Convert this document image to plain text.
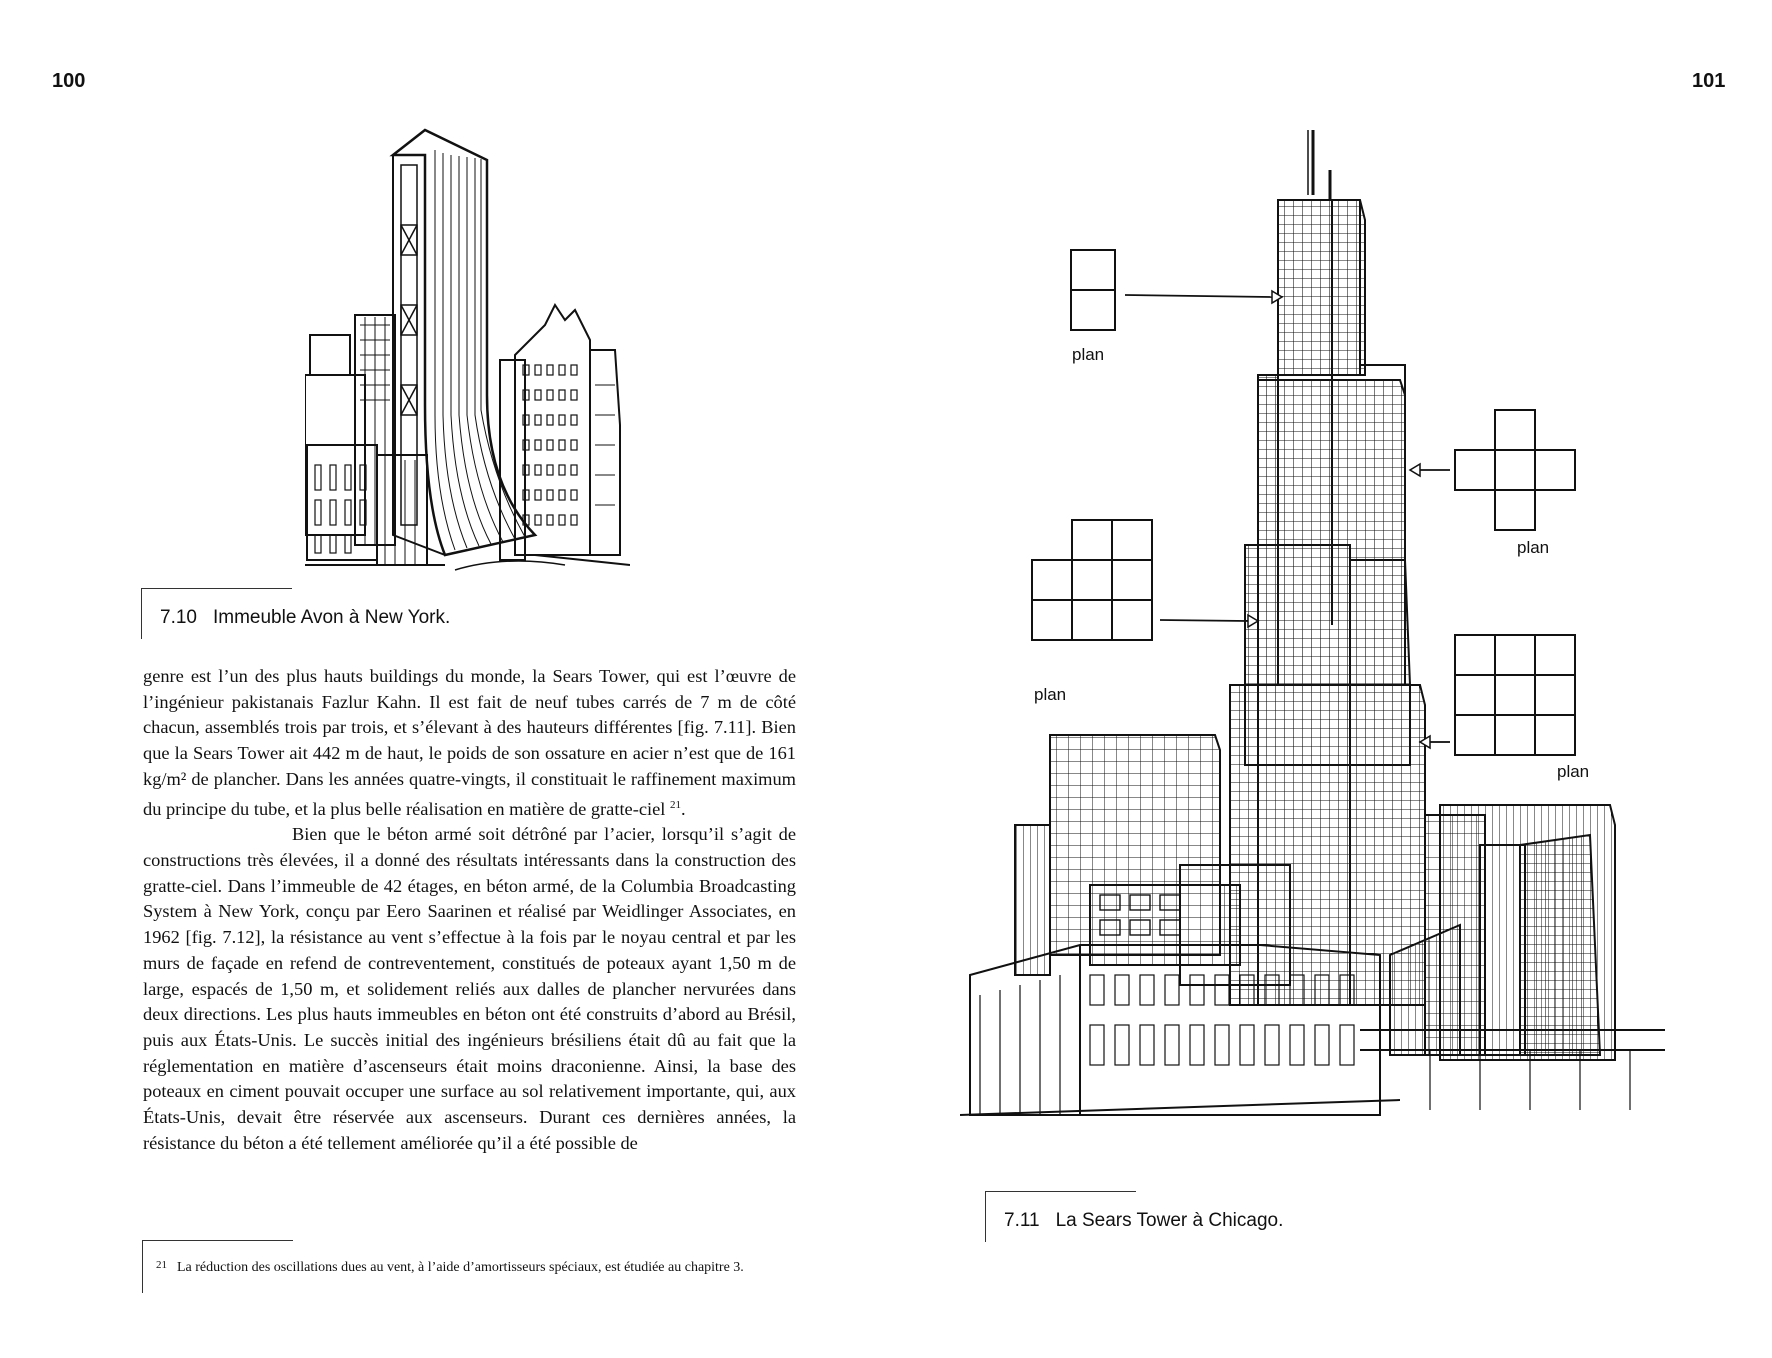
100	101
7.10 Immeuble Avon à New York.

genre est l’un des plus hauts buildings du monde, la Sears Tower, qui est l’œuvre de l’ingénieur pakistanais Fazlur Kahn. Il est fait de neuf tubes carrés de 7 m de côté chacun, assemblés trois par trois, et s’élevant à des hauteurs différentes [fig. 7.11]. Bien que la Sears Tower ait 442 m de haut, le poids de son ossature en acier n’est que de 161 kg/m² de plancher. Dans les années quatre-vingts, il constituait le raffinement maximum du principe du tube, et la plus belle réalisation en matière de gratte-ciel $^{21}$.

Bien que le béton armé soit détrôné par l’acier, lorsqu’il s’agit de constructions très élevées, il a donné des résultats intéressants dans la construction des gratte-ciel. Dans l’immeuble de 42 étages, en béton armé, de la Columbia Broadcasting System à New York, conçu par Eero Saarinen et réalisé par Weidlinger Associates, en 1962 [fig. 7.12], la résistance au vent s’effectue à la fois par le noyau central et par les murs de façade en refend de contreventement, constitués de poteaux ayant 1,50 m de large, espacés de 1,50 m, et solidement reliés aux dalles de plancher nervurées dans deux directions. Les plus hauts immeubles en béton ont été construits d’abord au Brésil, puis aux États-Unis. Le succès initial des ingénieurs brésiliens était dû au fait que la réglementation en matière d’ascenseurs était moins draconienne. Ainsi, la base des poteaux en ciment pouvait occuper une surface au sol relativement importante, qui, aux États-Unis, devait être réservée aux ascenseurs. Durant ces dernières années, la résistance du béton a été tellement améliorée qu’il a été possible de

$^{21}$ La réduction des oscillations dues au vent, à l’aide d’amortisseurs spéciaux, est étudiée au chapitre 3.
plan
plan
plan
plan
7.11 La Sears Tower à Chicago.
